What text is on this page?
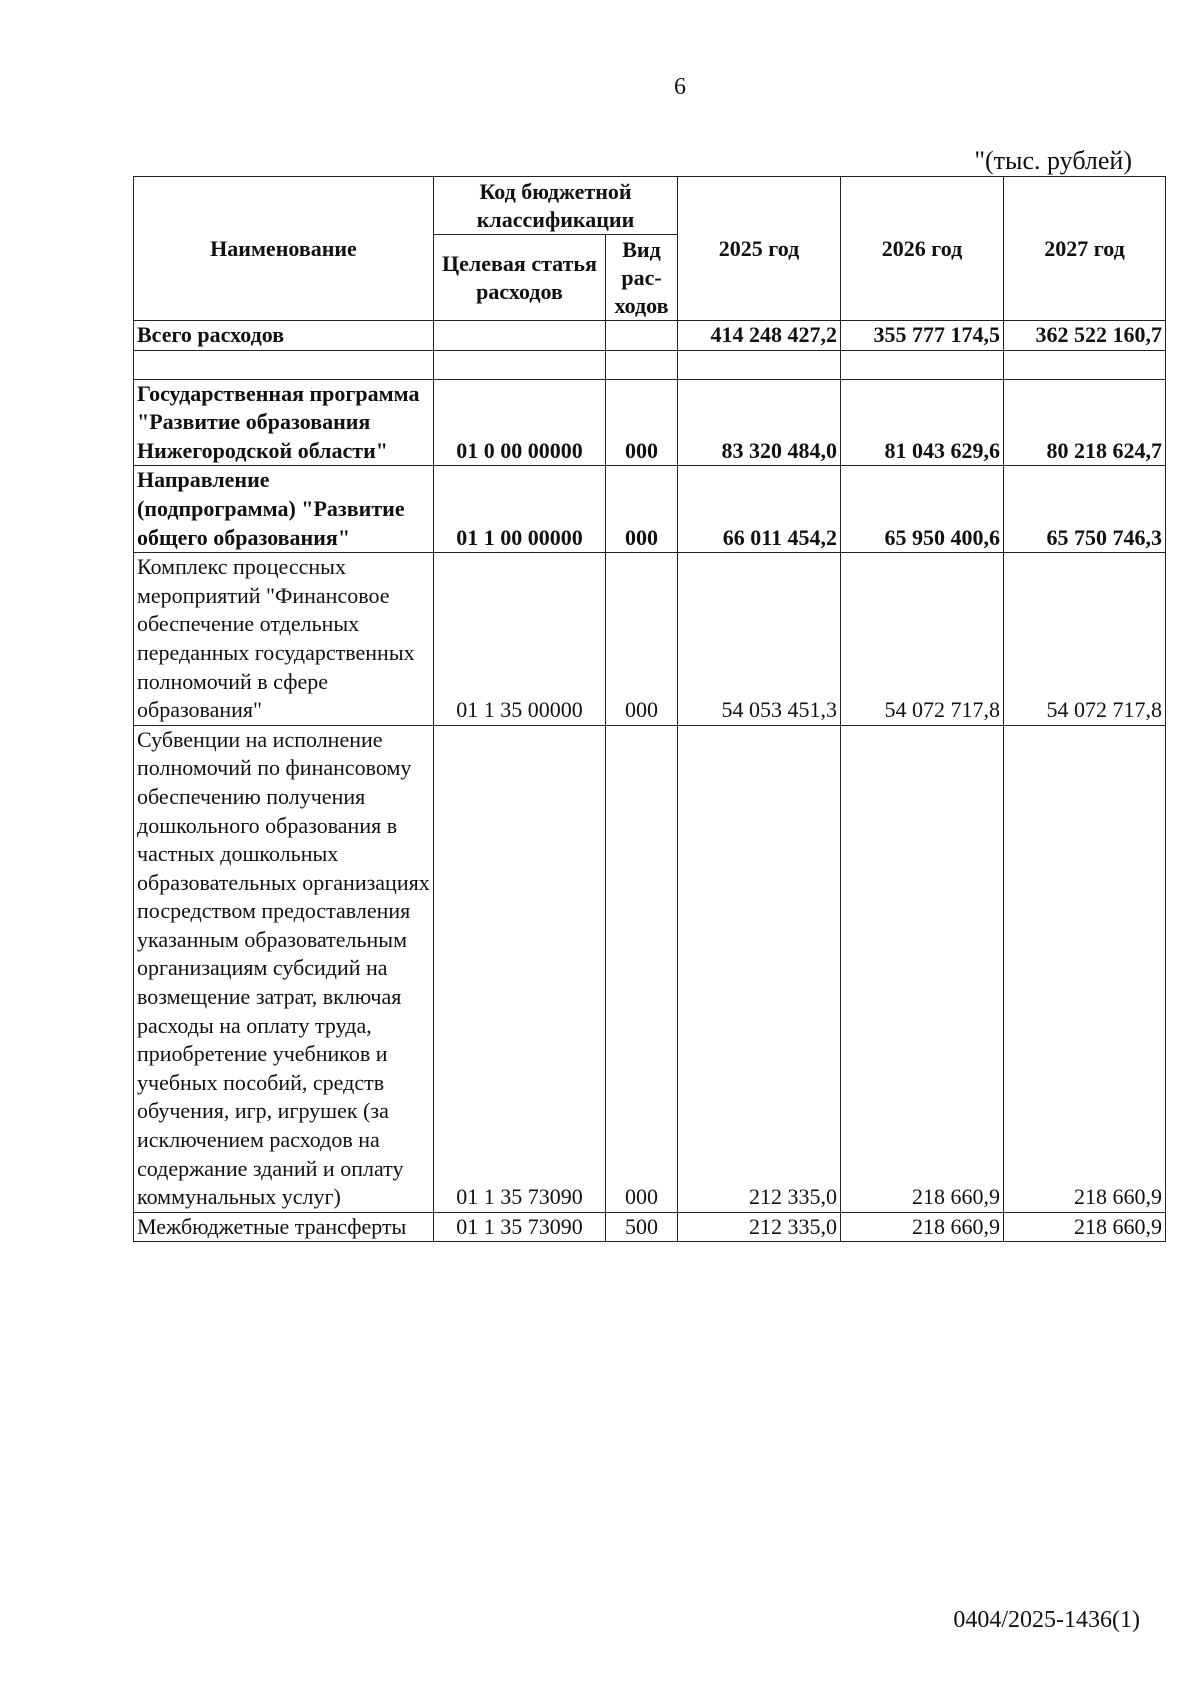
6
"(тыс. рублей)
Наименование	Код бюджетной классификации		2025 год	2026 год	2027 год
	Целевая статья расходов	Вид рас-ходов			
Всего расходов			414 248 427,2	355 777 174,5	362 522 160,7

Государственная программа "Развитие образования Нижегородской области"	01 0 00 00000	000	83 320 484,0	81 043 629,6	80 218 624,7
Направление (подпрограмма) "Развитие общего образования"	01 1 00 00000	000	66 011 454,2	65 950 400,6	65 750 746,3
Комплекс процессных мероприятий "Финансовое обеспечение отдельных переданных государственных полномочий в сфере образования"	01 1 35 00000	000	54 053 451,3	54 072 717,8	54 072 717,8
Субвенции на исполнение полномочий по финансовому обеспечению получения дошкольного образования в частных дошкольных образовательных организациях посредством предоставления указанным образовательным организациям субсидий на возмещение затрат, включая расходы на оплату труда, приобретение учебников и учебных пособий, средств обучения, игр, игрушек (за исключением расходов на содержание зданий и оплату коммунальных услуг)	01 1 35 73090	000	212 335,0	218 660,9	218 660,9
Межбюджетные трансферты	01 1 35 73090	500	212 335,0	218 660,9	218 660,9
0404/2025-1436(1)
